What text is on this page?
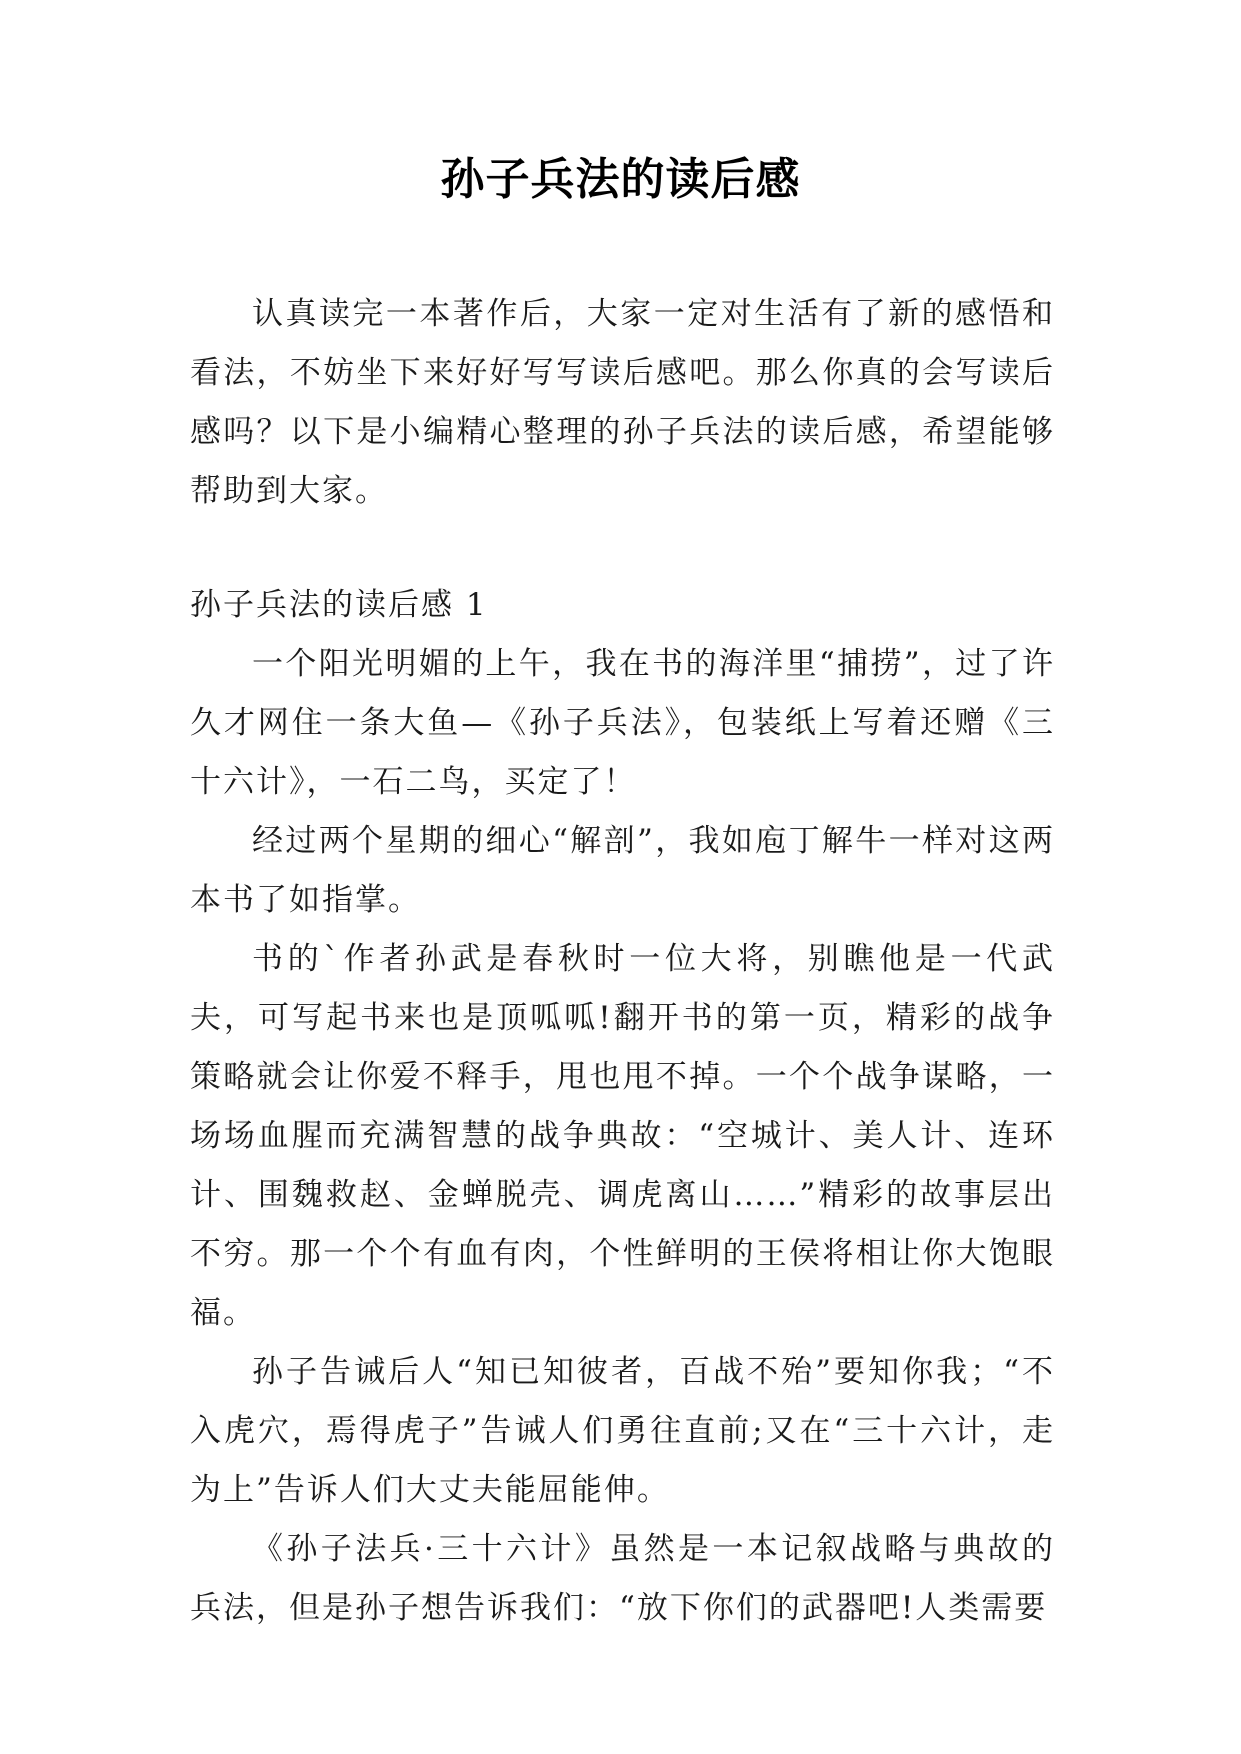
孙子兵法的读后感

认真读完一本著作后，大家一定对生活有了新的感悟和看法，不妨坐下来好好写写读后感吧。那么你真的会写读后感吗？以下是小编精心整理的孙子兵法的读后感，希望能够帮助到大家。

孙子兵法的读后感 1

一个阳光明媚的上午，我在书的海洋里“捕捞”，过了许久才网住一条大鱼—《孙子兵法》，包装纸上写着还赠《三十六计》，一石二鸟，买定了！

经过两个星期的细心“解剖”，我如庖丁解牛一样对这两本书了如指掌。

书的`作者孙武是春秋时一位大将，别瞧他是一代武夫，可写起书来也是顶呱呱!翻开书的第一页，精彩的战争策略就会让你爱不释手，甩也甩不掉。一个个战争谋略，一场场血腥而充满智慧的战争典故：“空城计、美人计、连环计、围魏救赵、金蝉脱壳、调虎离山……”精彩的故事层出不穷。那一个个有血有肉，个性鲜明的王侯将相让你大饱眼福。

孙子告诫后人“知已知彼者，百战不殆”要知你我；“不入虎穴，焉得虎子”告诫人们勇往直前;又在“三十六计，走为上”告诉人们大丈夫能屈能伸。

《孙子法兵·三十六计》虽然是一本记叙战略与典故的兵法，但是孙子想告诉我们：“放下你们的武器吧!人类需要
